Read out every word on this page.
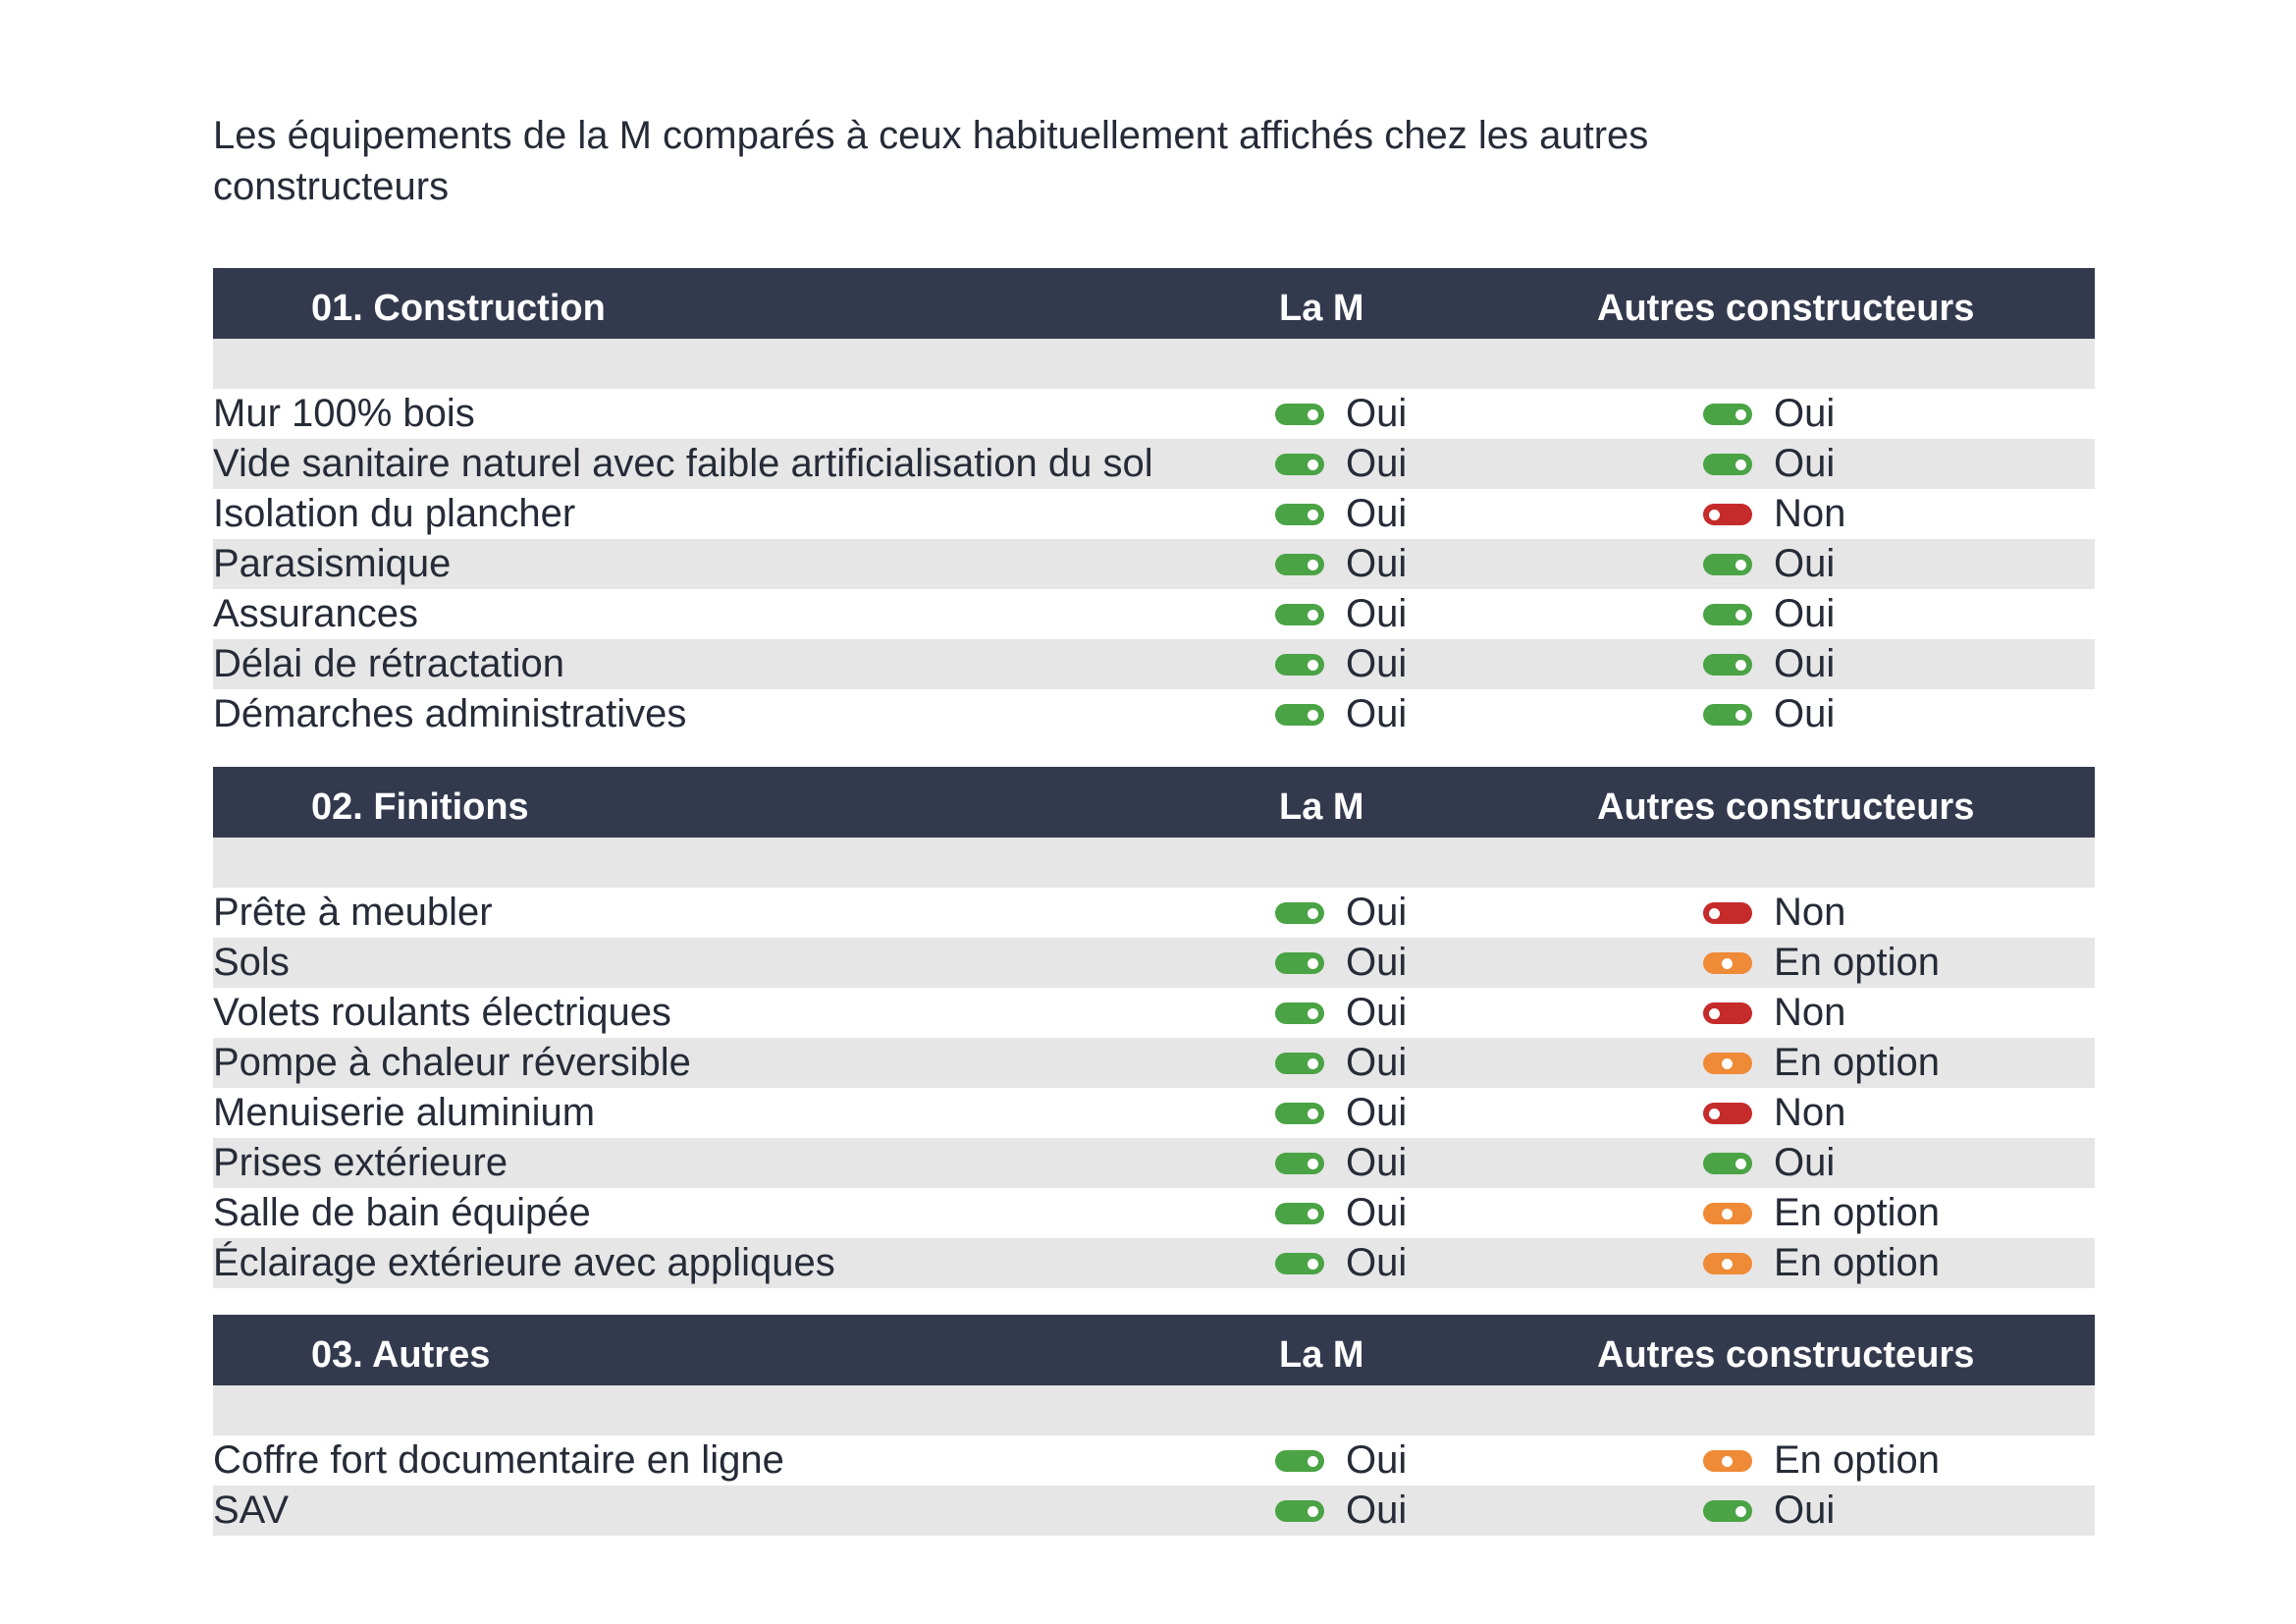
Les équipements de la M comparés à ceux habituellement affichés chez les autres constructeurs
01. Construction	La M	Autres constructeurs
Mur 100% bois	Oui	Oui
Vide sanitaire naturel avec faible artificialisation du sol	Oui	Oui
Isolation du plancher	Oui	Non
Parasismique	Oui	Oui
Assurances	Oui	Oui
Délai de rétractation	Oui	Oui
Démarches administratives	Oui	Oui
02. Finitions	La M	Autres constructeurs
Prête à meubler	Oui	Non
Sols	Oui	En option
Volets roulants électriques	Oui	Non
Pompe à chaleur réversible	Oui	En option
Menuiserie aluminium	Oui	Non
Prises extérieure	Oui	Oui
Salle de bain équipée	Oui	En option
Éclairage extérieure avec appliques	Oui	En option
03. Autres	La M	Autres constructeurs
Coffre fort documentaire en ligne	Oui	En option
SAV	Oui	Oui
